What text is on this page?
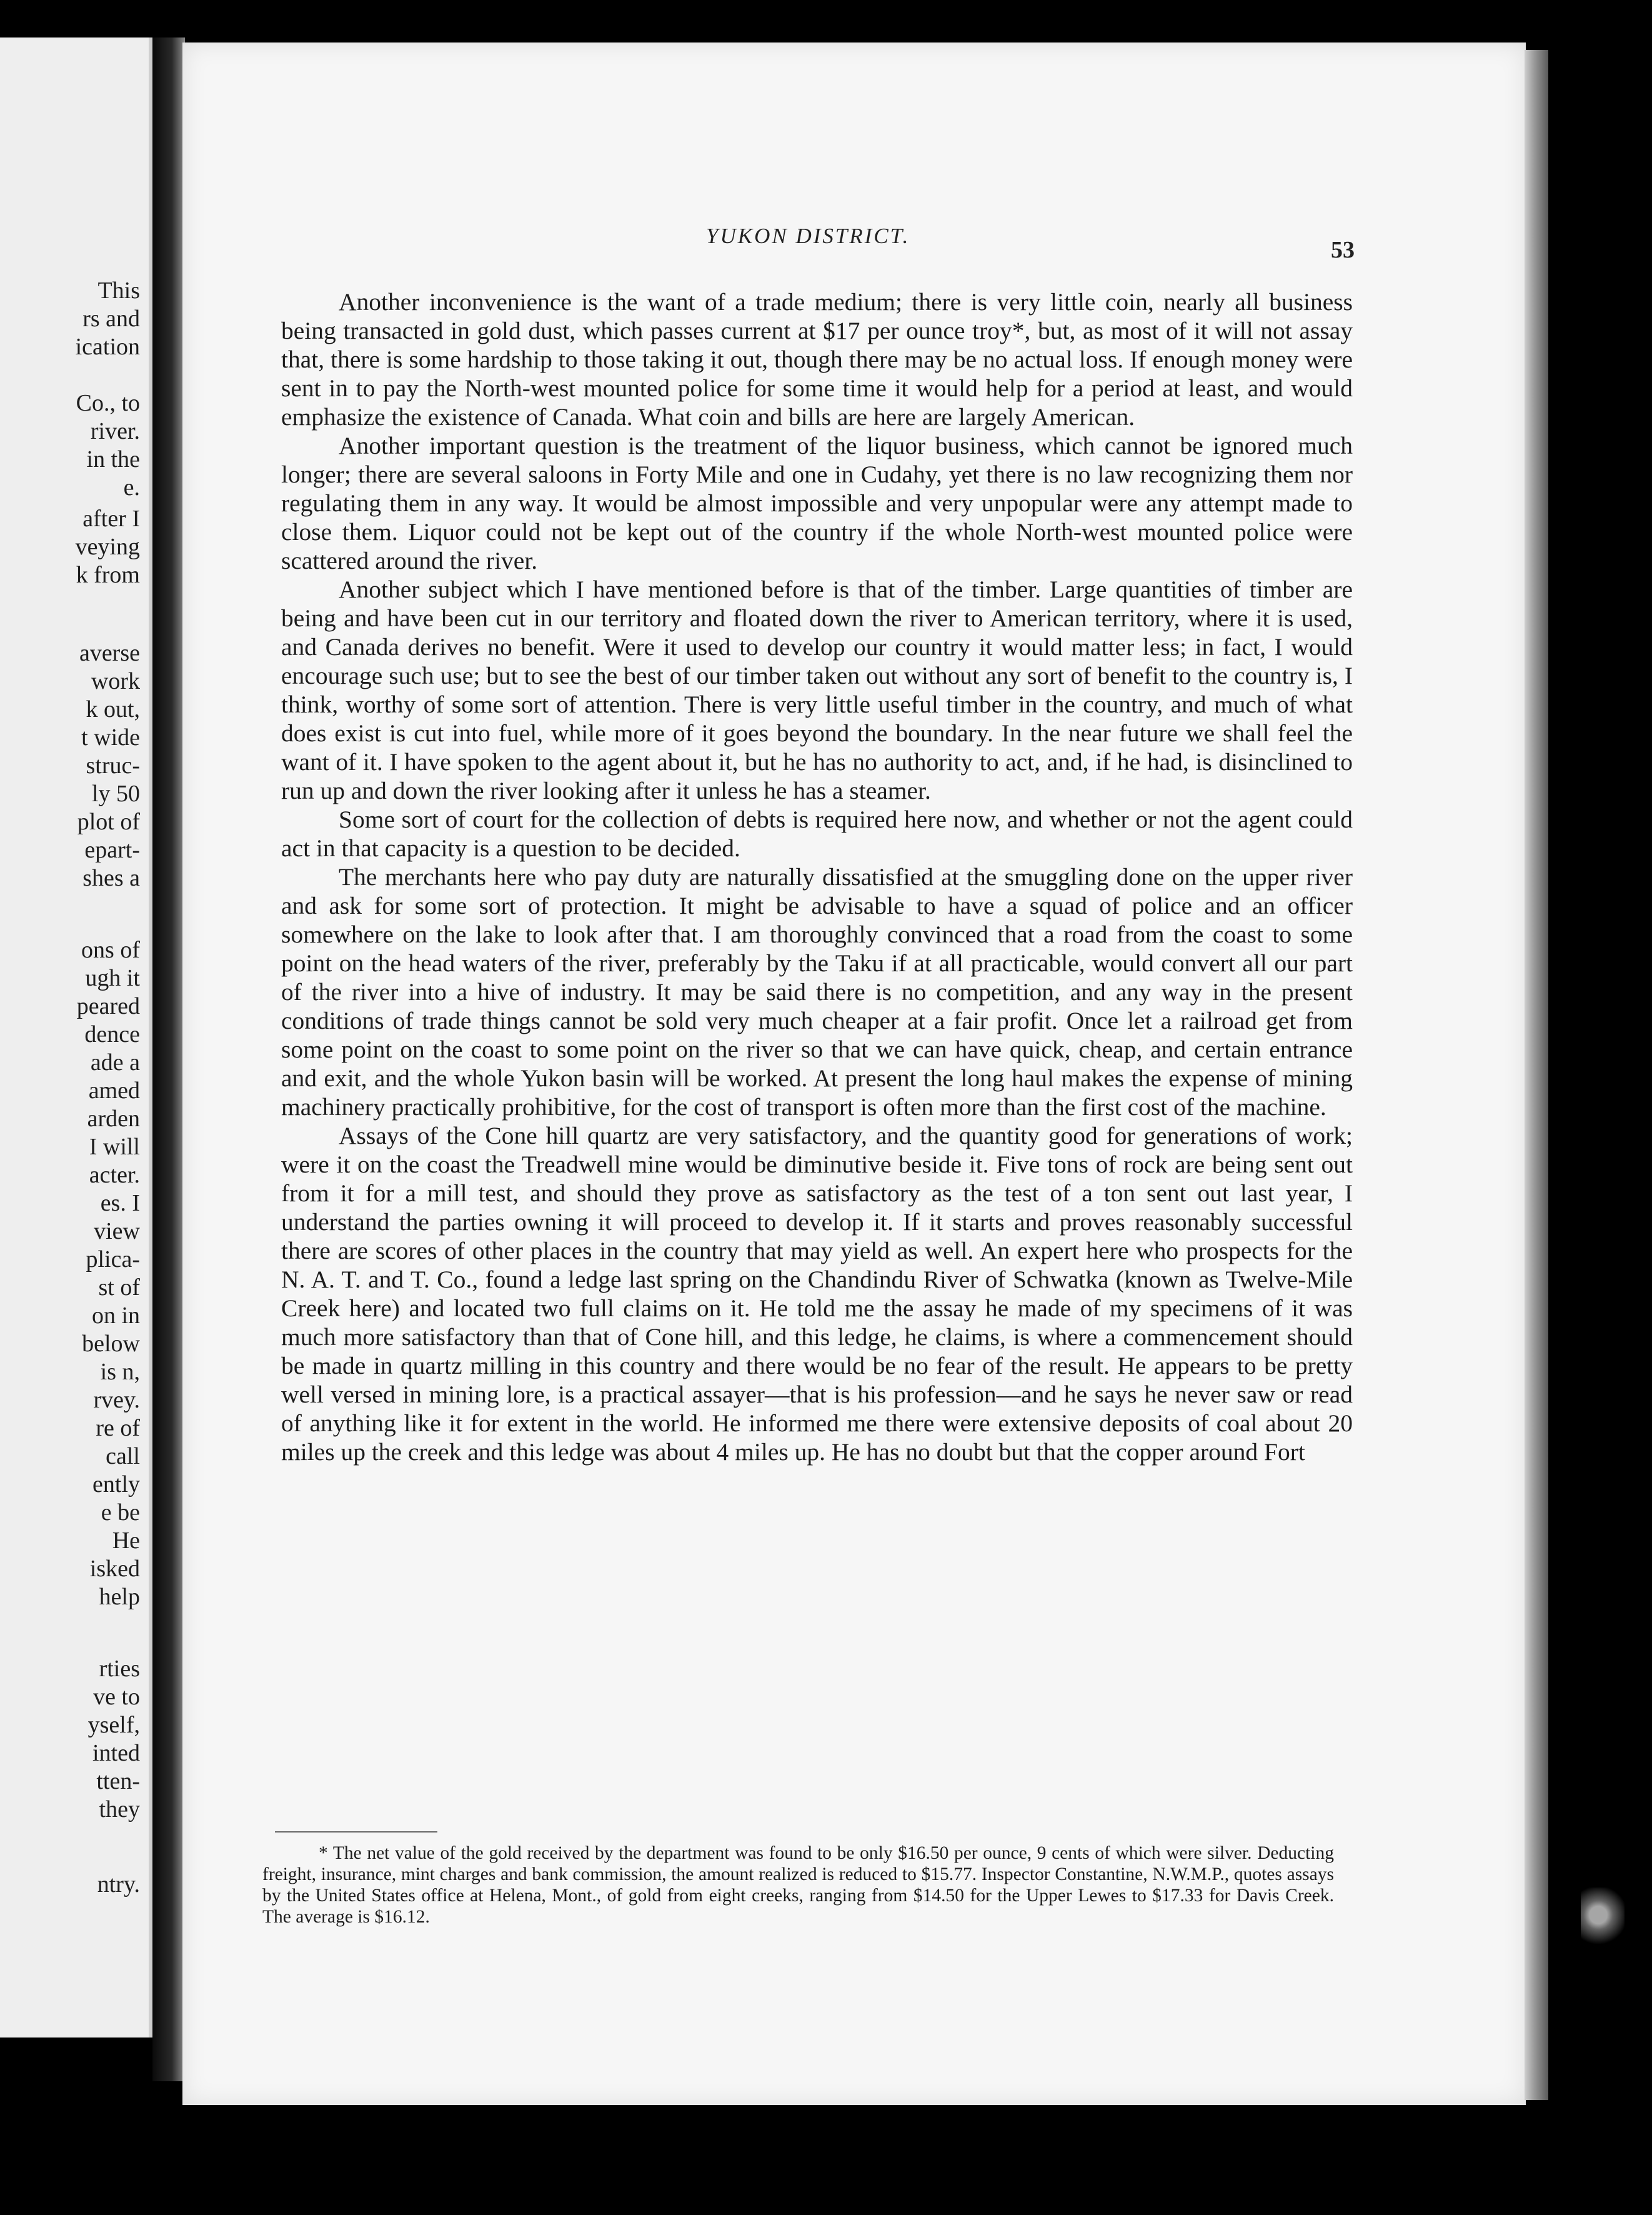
This
rs and
ication
Co., to
river.
in the
e.
after I
veying
k from
averse
work
k out,
t wide
struc-
ly 50
plot of
epart-
shes a
ons of
ugh it
peared
dence
ade a
amed
arden
I will
acter.
es. I
view
plica-
st of
on in
below
is n,
rvey.
re of
call
ently
e be
He
isked
help
rties
ve to
yself,
inted
tten-
they
ntry.
YUKON DISTRICT.
53

Another inconvenience is the want of a trade medium; there is very little coin, nearly all business being transacted in gold dust, which passes current at $17 per ounce troy*, but, as most of it will not assay that, there is some hardship to those taking it out, though there may be no actual loss. If enough money were sent in to pay the North-west mounted police for some time it would help for a period at least, and would emphasize the existence of Canada. What coin and bills are here are largely American.

Another important question is the treatment of the liquor business, which cannot be ignored much longer; there are several saloons in Forty Mile and one in Cudahy, yet there is no law recognizing them nor regulating them in any way. It would be almost impossible and very unpopular were any attempt made to close them. Liquor could not be kept out of the country if the whole North-west mounted police were scattered around the river.

Another subject which I have mentioned before is that of the timber. Large quantities of timber are being and have been cut in our territory and floated down the river to American territory, where it is used, and Canada derives no benefit. Were it used to develop our country it would matter less; in fact, I would encourage such use; but to see the best of our timber taken out without any sort of benefit to the country is, I think, worthy of some sort of attention. There is very little useful timber in the country, and much of what does exist is cut into fuel, while more of it goes beyond the boundary. In the near future we shall feel the want of it. I have spoken to the agent about it, but he has no authority to act, and, if he had, is disinclined to run up and down the river looking after it unless he has a steamer.

Some sort of court for the collection of debts is required here now, and whether or not the agent could act in that capacity is a question to be decided.

The merchants here who pay duty are naturally dissatisfied at the smuggling done on the upper river and ask for some sort of protection. It might be advisable to have a squad of police and an officer somewhere on the lake to look after that. I am thoroughly convinced that a road from the coast to some point on the head waters of the river, preferably by the Taku if at all practicable, would convert all our part of the river into a hive of industry. It may be said there is no competition, and any way in the present conditions of trade things cannot be sold very much cheaper at a fair profit. Once let a railroad get from some point on the coast to some point on the river so that we can have quick, cheap, and certain entrance and exit, and the whole Yukon basin will be worked. At present the long haul makes the expense of mining machinery practically prohibitive, for the cost of transport is often more than the first cost of the machine.

Assays of the Cone hill quartz are very satisfactory, and the quantity good for generations of work; were it on the coast the Treadwell mine would be diminutive beside it. Five tons of rock are being sent out from it for a mill test, and should they prove as satisfactory as the test of a ton sent out last year, I understand the parties owning it will proceed to develop it. If it starts and proves reasonably successful there are scores of other places in the country that may yield as well. An expert here who prospects for the N. A. T. and T. Co., found a ledge last spring on the Chandindu River of Schwatka (known as Twelve-Mile Creek here) and located two full claims on it. He told me the assay he made of my specimens of it was much more satisfactory than that of Cone hill, and this ledge, he claims, is where a commencement should be made in quartz milling in this country and there would be no fear of the result. He appears to be pretty well versed in mining lore, is a practical assayer—that is his profession—and he says he never saw or read of anything like it for extent in the world. He informed me there were extensive deposits of coal about 20 miles up the creek and this ledge was about 4 miles up. He has no doubt but that the copper around Fort

* The net value of the gold received by the department was found to be only $16.50 per ounce, 9 cents of which were silver. Deducting freight, insurance, mint charges and bank commission, the amount realized is reduced to $15.77. Inspector Constantine, N.W.M.P., quotes assays by the United States office at Helena, Mont., of gold from eight creeks, ranging from $14.50 for the Upper Lewes to $17.33 for Davis Creek. The average is $16.12.
